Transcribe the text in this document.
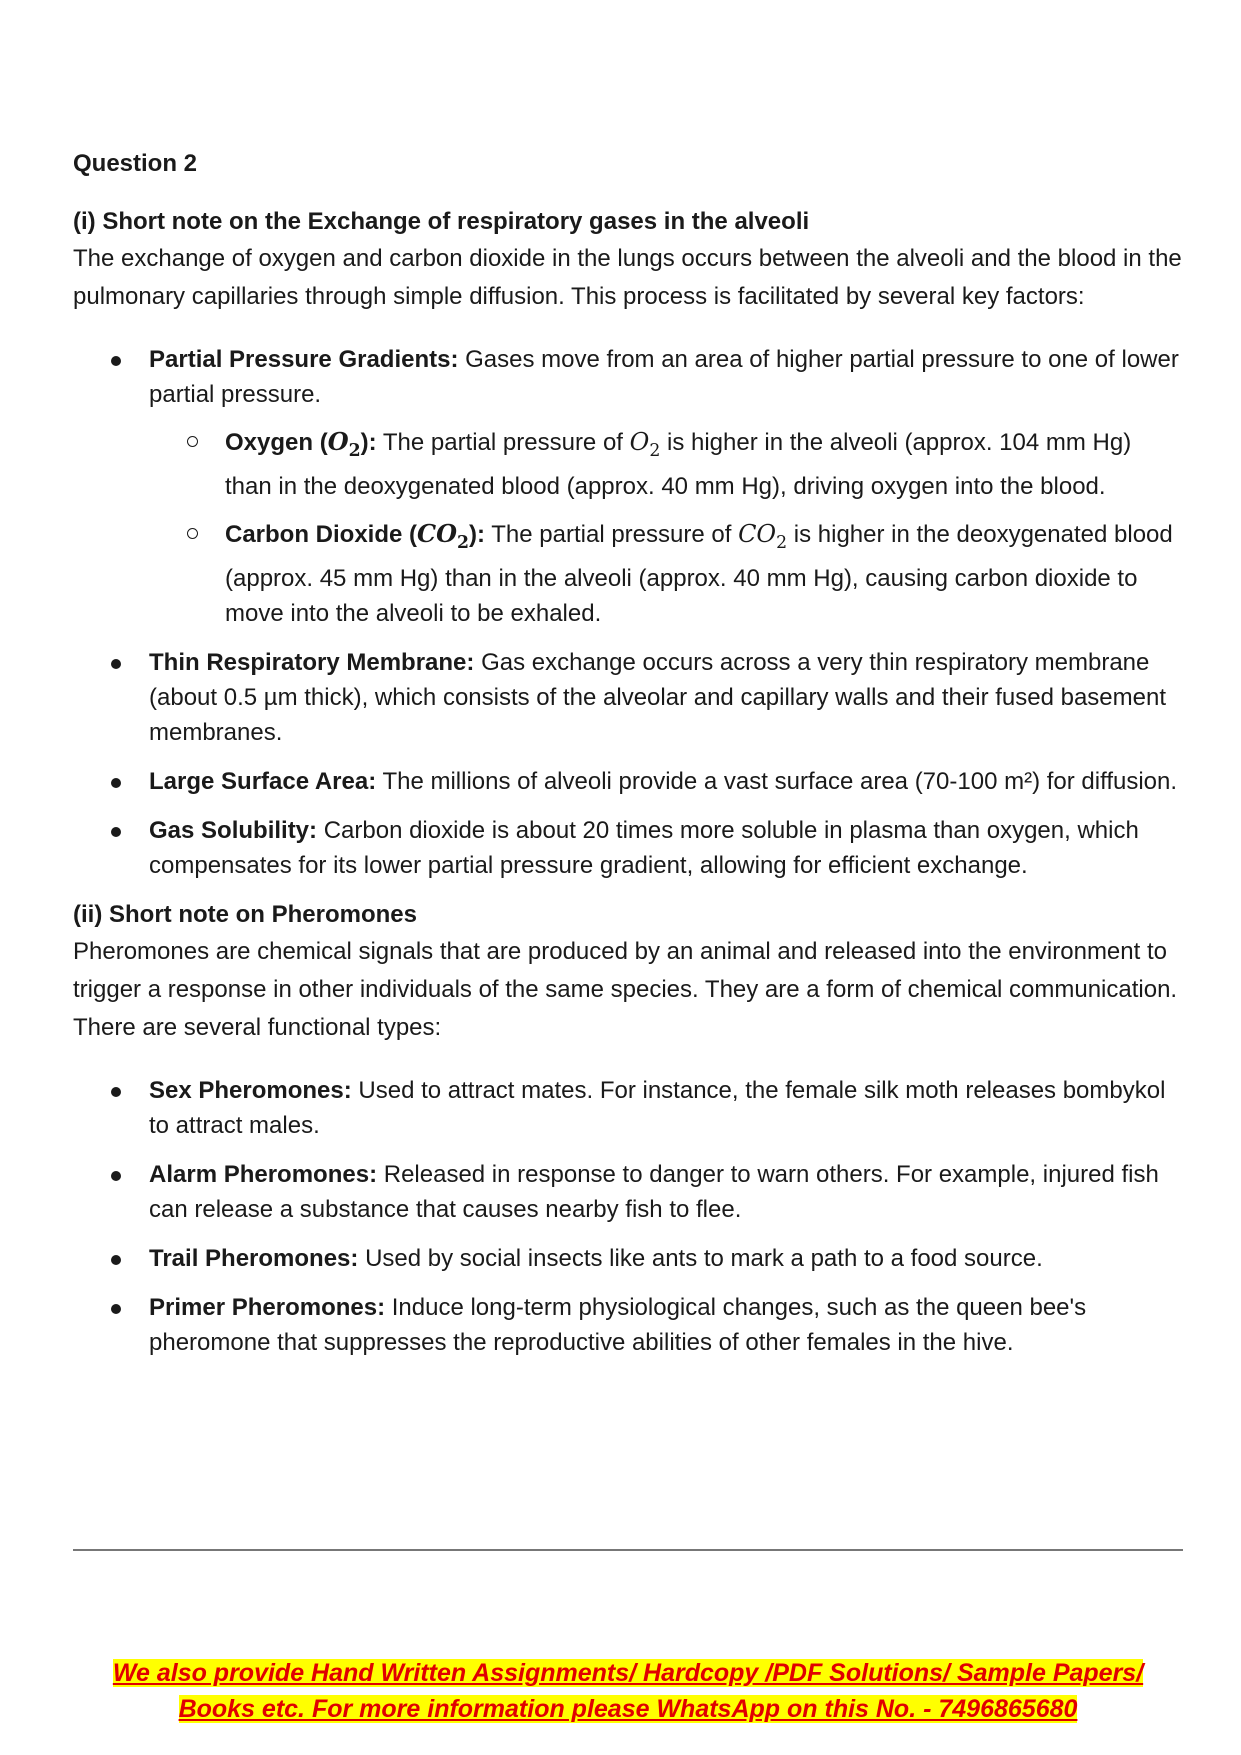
Question 2
(i) Short note on the Exchange of respiratory gases in the alveoli

The exchange of oxygen and carbon dioxide in the lungs occurs between the alveoli and the blood in the pulmonary capillaries through simple diffusion. This process is facilitated by several key factors:

Partial Pressure Gradients: Gases move from an area of higher partial pressure to one of lower partial pressure.
Oxygen $(O_2)$: The partial pressure of $O_2$ is higher in the alveoli (approx. 104 mm Hg) than in the deoxygenated blood (approx. 40 mm Hg), driving oxygen into the blood.
Carbon Dioxide $(CO_2)$: The partial pressure of $CO_2$ is higher in the deoxygenated blood (approx. 45 mm Hg) than in the alveoli (approx. 40 mm Hg), causing carbon dioxide to move into the alveoli to be exhaled.
Thin Respiratory Membrane: Gas exchange occurs across a very thin respiratory membrane (about 0.5 µm thick), which consists of the alveolar and capillary walls and their fused basement membranes.
Large Surface Area: The millions of alveoli provide a vast surface area (70-100 m²) for diffusion.
Gas Solubility: Carbon dioxide is about 20 times more soluble in plasma than oxygen, which compensates for its lower partial pressure gradient, allowing for efficient exchange.
(ii) Short note on Pheromones

Pheromones are chemical signals that are produced by an animal and released into the environment to trigger a response in other individuals of the same species. They are a form of chemical communication. There are several functional types:

Sex Pheromones: Used to attract mates. For instance, the female silk moth releases bombykol to attract males.
Alarm Pheromones: Released in response to danger to warn others. For example, injured fish can release a substance that causes nearby fish to flee.
Trail Pheromones: Used by social insects like ants to mark a path to a food source.
Primer Pheromones: Induce long-term physiological changes, such as the queen bee's pheromone that suppresses the reproductive abilities of other females in the hive.
We also provide Hand Written Assignments/ Hardcopy /PDF Solutions/ Sample Papers/
Books etc. For more information please WhatsApp on this No. - 7496865680
